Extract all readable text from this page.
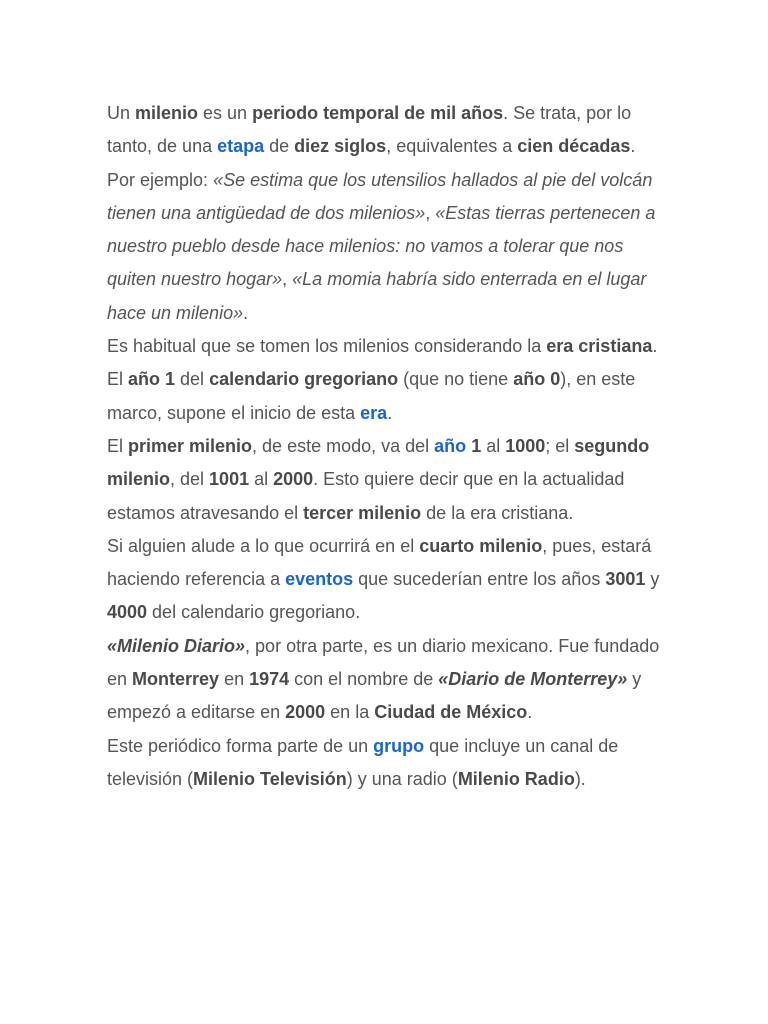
Un milenio es un periodo temporal de mil años. Se trata, por lo tanto, de una etapa de diez siglos, equivalentes a cien décadas.

Por ejemplo: «Se estima que los utensilios hallados al pie del volcán tienen una antigüedad de dos milenios», «Estas tierras pertenecen a nuestro pueblo desde hace milenios: no vamos a tolerar que nos quiten nuestro hogar», «La momia habría sido enterrada en el lugar hace un milenio».

Es habitual que se tomen los milenios considerando la era cristiana. El año 1 del calendario gregoriano (que no tiene año 0), en este marco, supone el inicio de esta era.

El primer milenio, de este modo, va del año 1 al 1000; el segundo milenio, del 1001 al 2000. Esto quiere decir que en la actualidad estamos atravesando el tercer milenio de la era cristiana.

Si alguien alude a lo que ocurrirá en el cuarto milenio, pues, estará haciendo referencia a eventos que sucederían entre los años 3001 y 4000 del calendario gregoriano.

«Milenio Diario», por otra parte, es un diario mexicano. Fue fundado en Monterrey en 1974 con el nombre de «Diario de Monterrey» y empezó a editarse en 2000 en la Ciudad de México.

Este periódico forma parte de un grupo que incluye un canal de televisión (Milenio Televisión) y una radio (Milenio Radio).
